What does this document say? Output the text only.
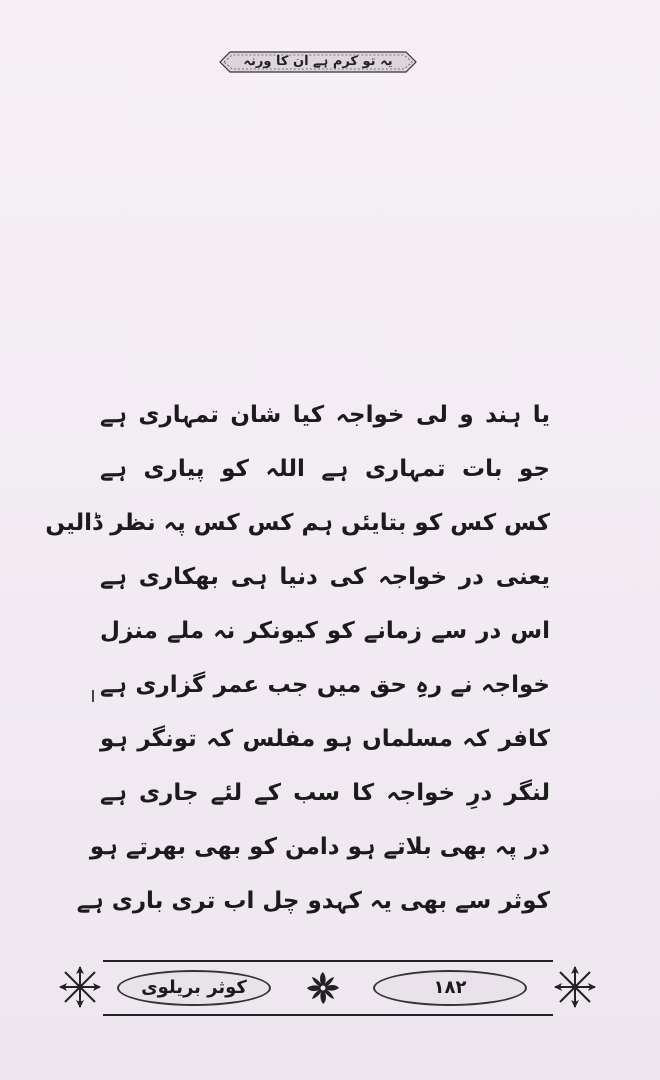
یہ تو کرم ہے ان کا ورنہ
یا ہند و لی خواجہ کیا شان تمہاری ہے
جو بات تمہاری ہے اللہ کو پیاری ہے
کس کس کو بتایئں ہم کس کس پہ نظر ڈالیں
یعنی در خواجہ کی دنیا ہی بھکاری ہے
اس در سے زمانے کو کیونکر نہ ملے منزل
خواجہ نے رہِ حق میں جب عمر گزاری ہے
کافر کہ مسلماں ہو مفلس کہ تونگر ہو
لنگر درِ خواجہ کا سب کے لئے جاری ہے
در پہ بھی بلاتے ہو دامن کو بھی بھرتے ہو
کوثر سے بھی یہ کہدو چل اب تری باری ہے
کوثر بریلوی	۱۸۲
